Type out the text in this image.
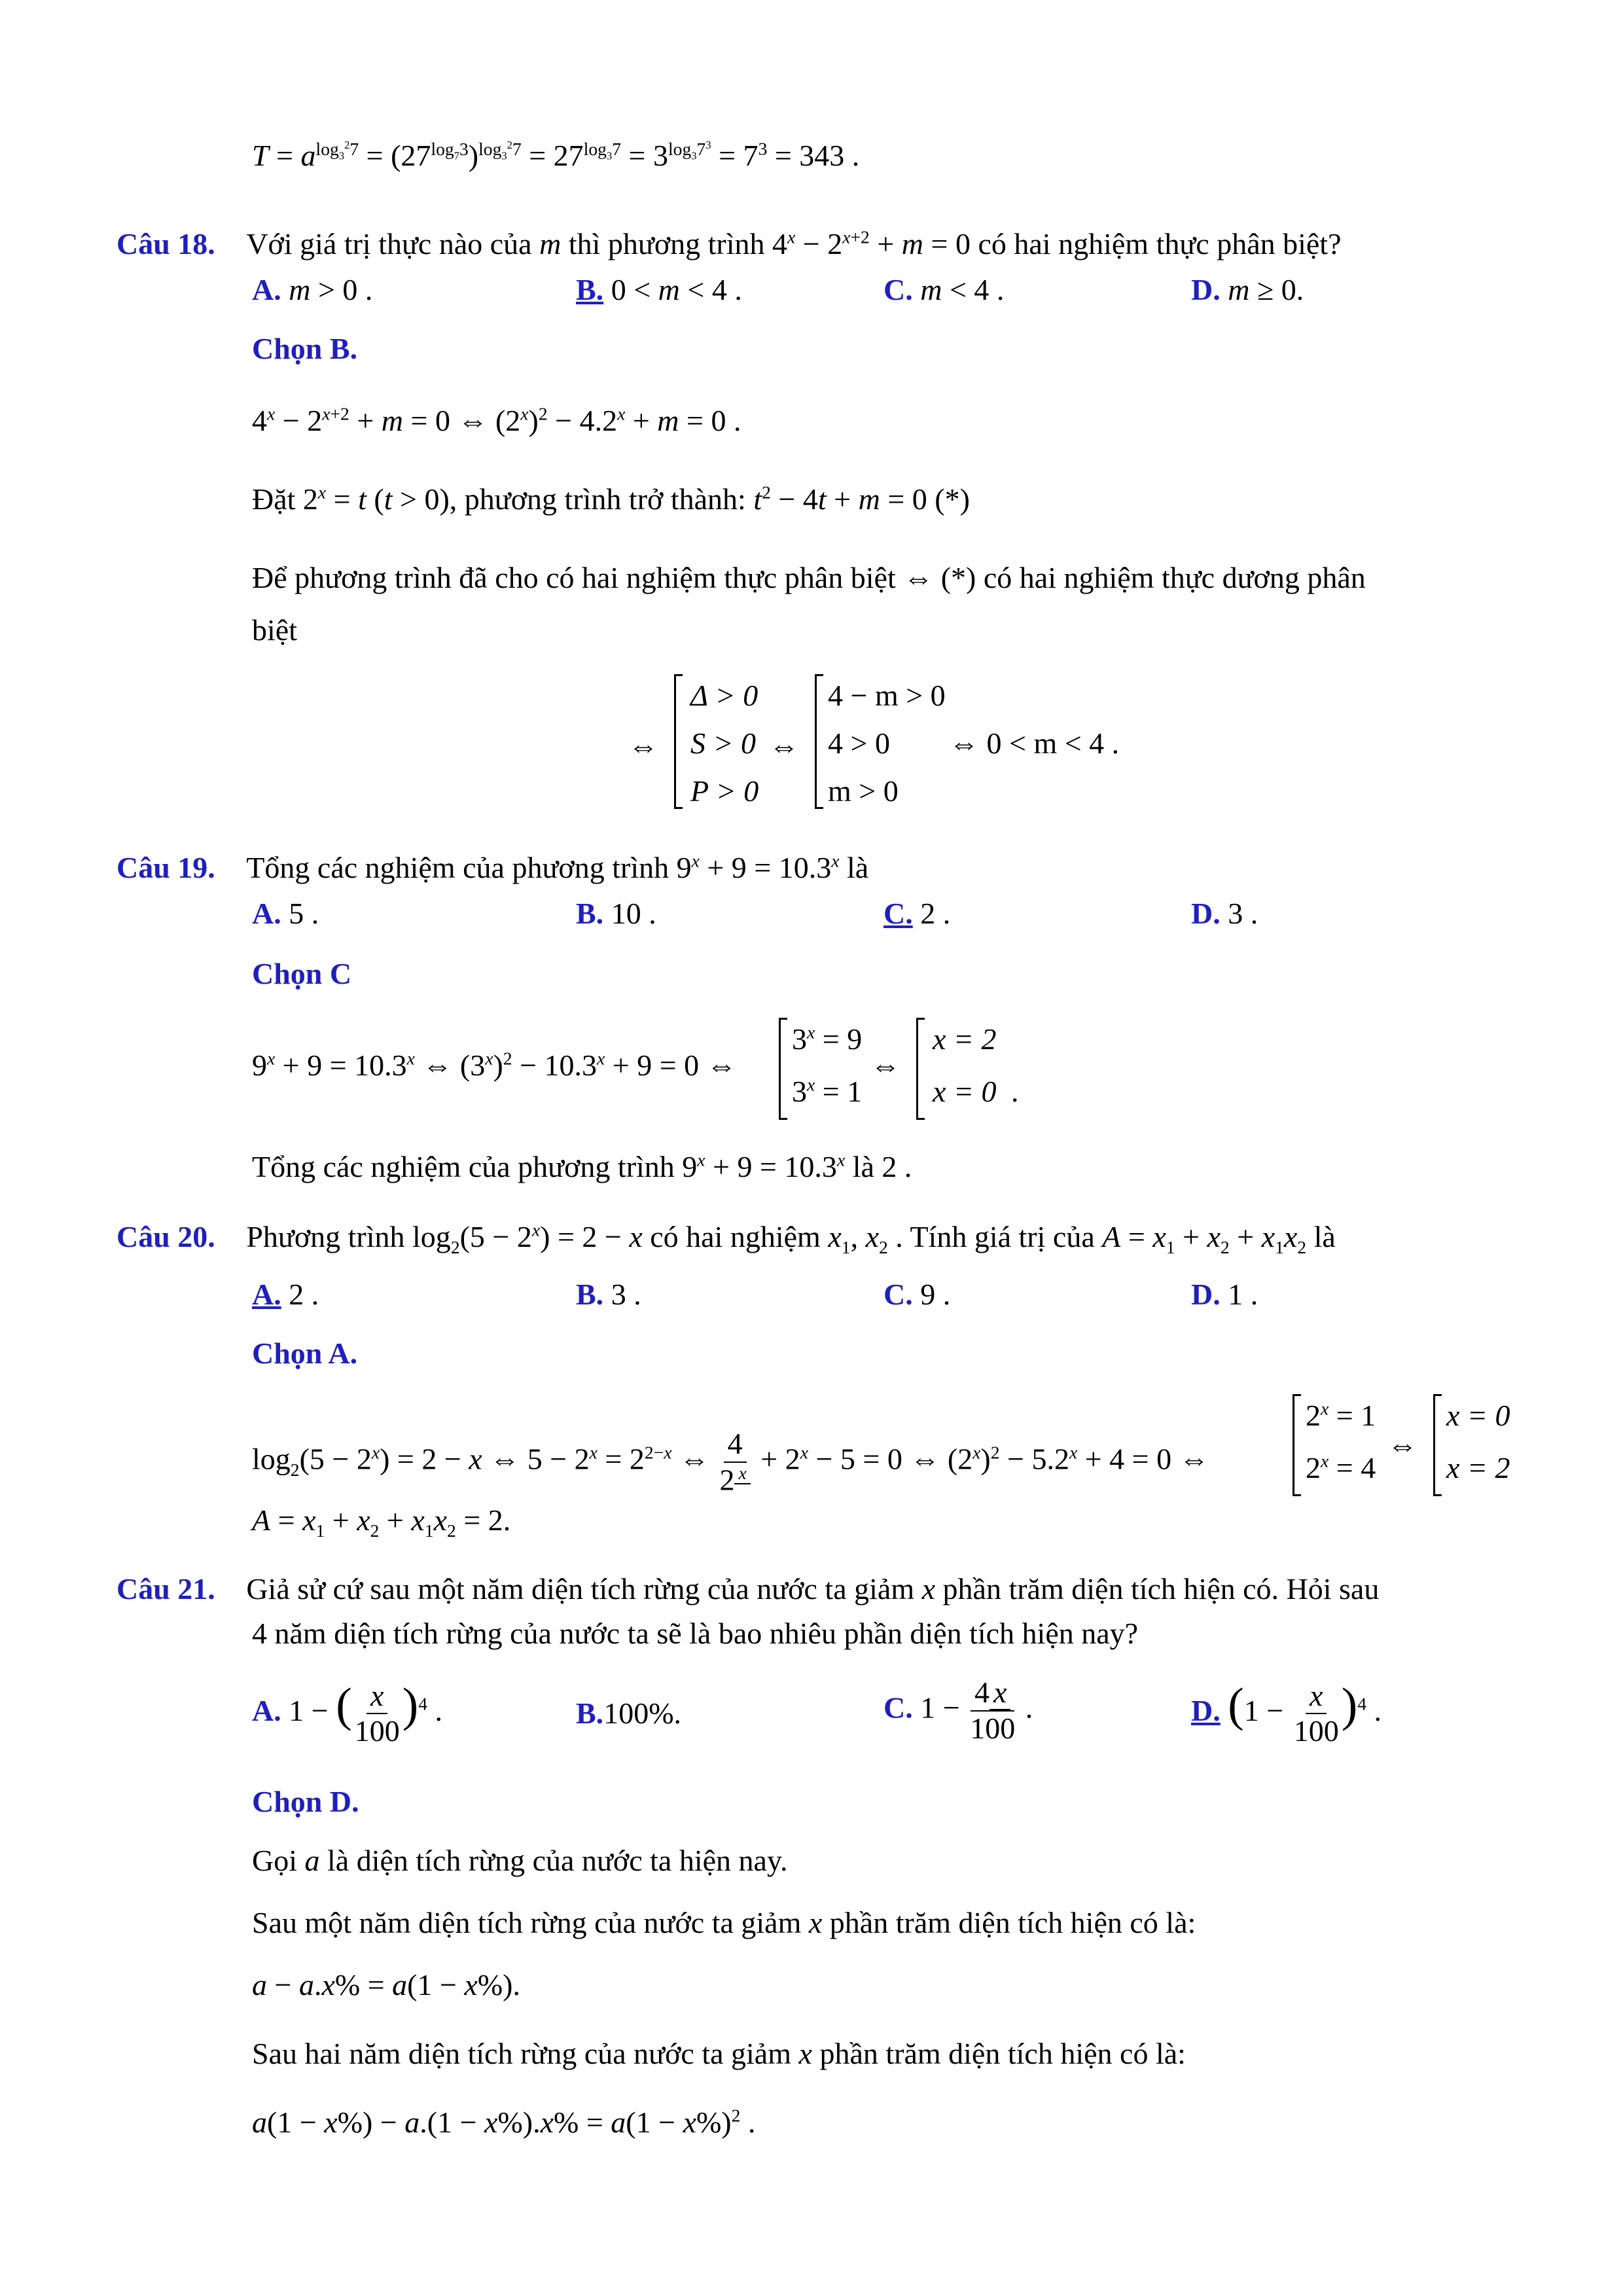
$T = a^{log_3^27} = (27^{log_73})^{log_3^27} = 27^{log_37} = 3^{log_37^3} = 7^3 = 343$ .
Câu 18. Với giá trị thực nào của m thì phương trình $4^x - 2^{x+2} + m = 0$ có hai nghiệm thực phân biệt?
A. m > 0 .	B. 0 < m < 4 .	C. m < 4 .	D. m ≥ 0.
Chọn B.
$4^x - 2^{x+2} + m = 0$ ⇔ $(2^x)^2 - 4.2^x + m = 0$ .
Đặt $2^x = t$ (t > 0), phương trình trở thành: $t^2 - 4t + m = 0$ (*)
Để phương trình đã cho có hai nghiệm thực phân biệt ⇔ (*) có hai nghiệm thực dương phân
biệt
⇔
Δ > 0
S > 0
P > 0
⇔
4 − m > 0
4 > 0
m > 0
⇔ 0 < m < 4 .
Câu 19. Tổng các nghiệm của phương trình $9^x + 9 = 10.3^x$ là
A. 5 .	B. 10 .	C. 2 .	D. 3 .
Chọn C
$9^x + 9 = 10.3^x$ ⇔ $(3^x)^2 - 10.3^x + 9 = 0$ ⇔
$3^x = 9$
$3^x = 1$
⇔
x = 2
x = 0 .
Tổng các nghiệm của phương trình $9^x + 9 = 10.3^x$ là 2 .
Câu 20. Phương trình $\log_2(5 - 2^x) = 2 - x$ có hai nghiệm $x_1$, $x_2$ . Tính giá trị của $A = x_1 + x_2 + x_1x_2$ là
A. 2 .	B. 3 .	C. 9 .	D. 1 .
Chọn A.
$\log_2(5 - 2^x) = 2 - x$ ⇔ $5 - 2^x = 2^{2-x}$ ⇔ $\frac{4}{2 ^x} + 2^x - 5 = 0$ ⇔ $(2^x)^2 - 5.2^x + 4 = 0$ ⇔
$2^x = 1$
$2^x = 4$
⇔
x = 0
x = 2
$A = x_1 + x_2 + x_1x_2 = 2$.
Câu 21. Giả sử cứ sau một năm diện tích rừng của nước ta giảm x phần trăm diện tích hiện có. Hỏi sau
4 năm diện tích rừng của nước ta sẽ là bao nhiêu phần diện tích hiện nay?
A. 1 − ( $\frac{x}{100} )^4$ .	B.100%.	C. $1 - \frac{4 x}{100}$ .	D. $(1 - \frac{x}{100} )^4$ .
Chọn D.
Gọi a là diện tích rừng của nước ta hiện nay.
Sau một năm diện tích rừng của nước ta giảm x phần trăm diện tích hiện có là:
a − a.x% = a(1 − x%).
Sau hai năm diện tích rừng của nước ta giảm x phần trăm diện tích hiện có là:
$a(1 - x\%) - a.(1 - x\%).x\% = a(1 - x\%)^2$ .
